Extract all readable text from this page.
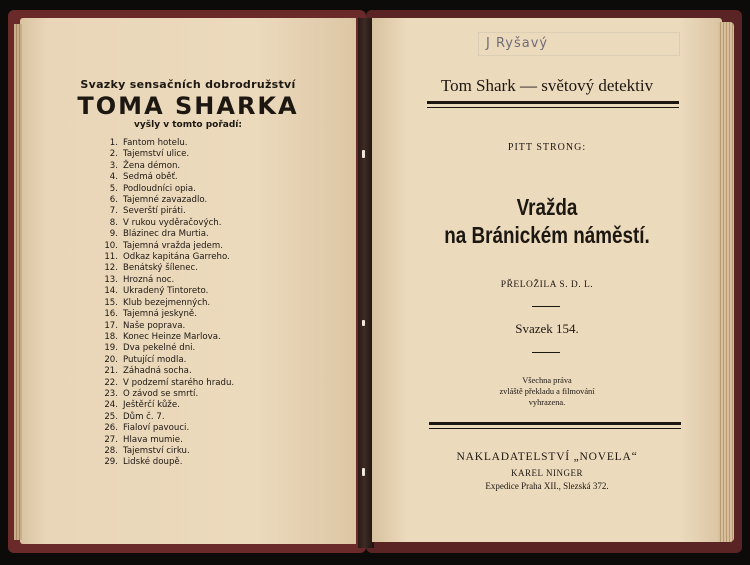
Svazky sensačních dobrodružství
TOMA SHARKA
vyšly v tomto pořadí:
1. Fantom hotelu.
2. Tajemství ulice.
3. Žena démon.
4. Sedmá oběť.
5. Podloudníci opia.
6. Tajemné zavazadlo.
7. Severští piráti.
8. V rukou vyděračových.
9. Blázinec dra Murtia.
10. Tajemná vražda jedem.
11. Odkaz kapitána Garreho.
12. Benátský šílenec.
13. Hrozná noc.
14. Ukradený Tintoreto.
15. Klub bezejmenných.
16. Tajemná jeskyně.
17. Naše poprava.
18. Konec Heinze Marlova.
19. Dva pekelné dni.
20. Putující modla.
21. Záhadná socha.
22. V podzemí starého hradu.
23. O závod se smrtí.
24. Ještěrčí kůže.
25. Dům č. 7.
26. Fialoví pavouci.
27. Hlava mumie.
28. Tajemství cirku.
29. Lidské doupě.
J Ryšavý
Tom Shark — světový detektiv
PITT STRONG:
Vražda
na Bránickém náměstí.
PŘELOŽILA S. D. L.
Svazek 154.
Všechna práva
zvláště překladu a filmování
vyhrazena.
NAKLADATELSTVÍ „NOVELA“
KAREL NINGER
Expedice Praha XII., Slezská 372.
